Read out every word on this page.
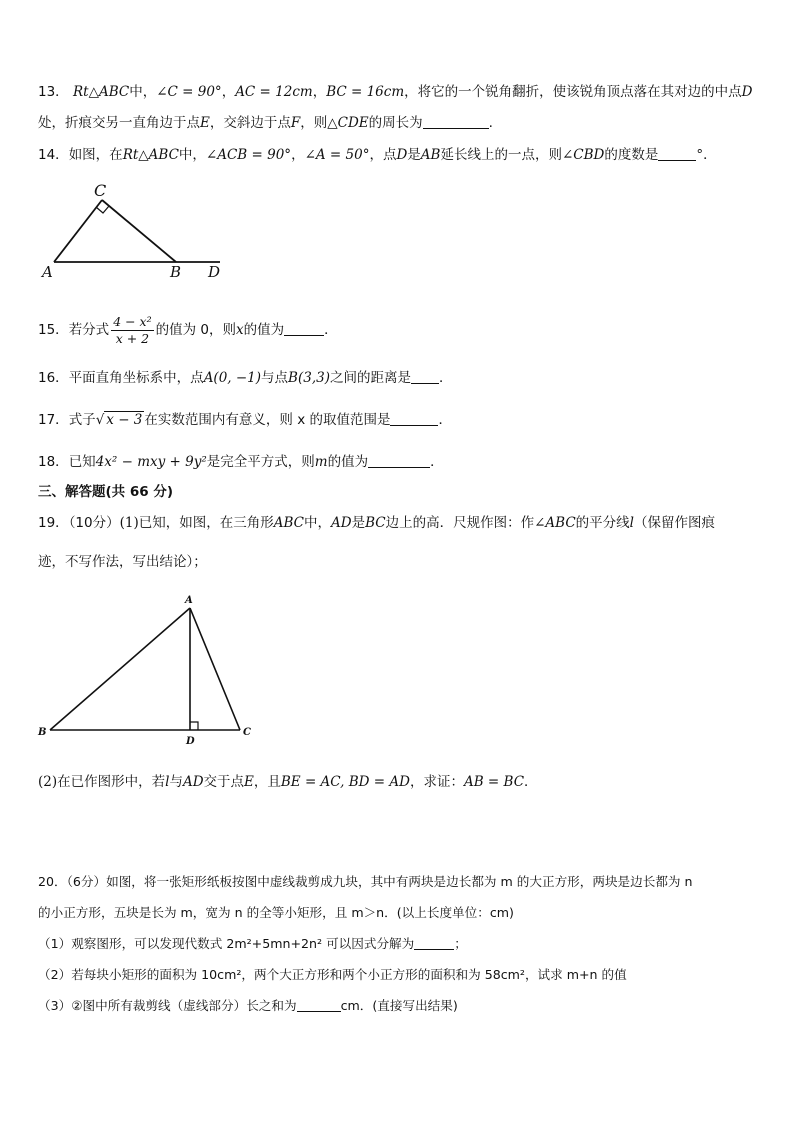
13． Rt△ABC中，∠C = 90°，AC = 12cm，BC = 16cm，将它的一个锐角翻折，使该锐角顶点落在其对边的中点D
处，折痕交另一直角边于点E，交斜边于点F，则△CDE的周长为	.
14．如图，在Rt△ABC中，∠ACB = 90°，∠A = 50°，点D是AB延长线上的一点，则∠CBD的度数是	°．
C
A	B D
15．若分式 $\frac{\text{4 − x²}}{x + 2}$ 的值为 0，则x的值为	．
16．平面直角坐标系中，点A(0, −1)与点B(3,3)之间的距离是 ．
17．式子√ x − 3 在实数范围内有意义，则 x 的取值范围是	．
18．已知4x² − mxy + 9y²是完全平方式，则m的值为	．
三、解答题(共 66 分)
19．（10分）(1)已知，如图，在三角形ABC中，AD是BC边上的高．尺规作图：作∠ABC的平分线l（保留作图痕
迹，不写作法，写出结论）；
A
B	C
D
(2)在已作图形中，若l与AD交于点E，且BE = AC, BD = AD，求证：AB = BC．
20．（6分）如图，将一张矩形纸板按图中虚线裁剪成九块，其中有两块是边长都为 m 的大正方形，两块是边长都为 n
的小正方形，五块是长为 m，宽为 n 的全等小矩形，且 m＞n．(以上长度单位：cm)
（1）观察图形，可以发现代数式 2m²+5mn+2n² 可以因式分解为	；
（2）若每块小矩形的面积为 10cm²，两个大正方形和两个小正方形的面积和为 58cm²，试求 m+n 的值
（3）②图中所有裁剪线（虚线部分）长之和为	cm．(直接写出结果)
